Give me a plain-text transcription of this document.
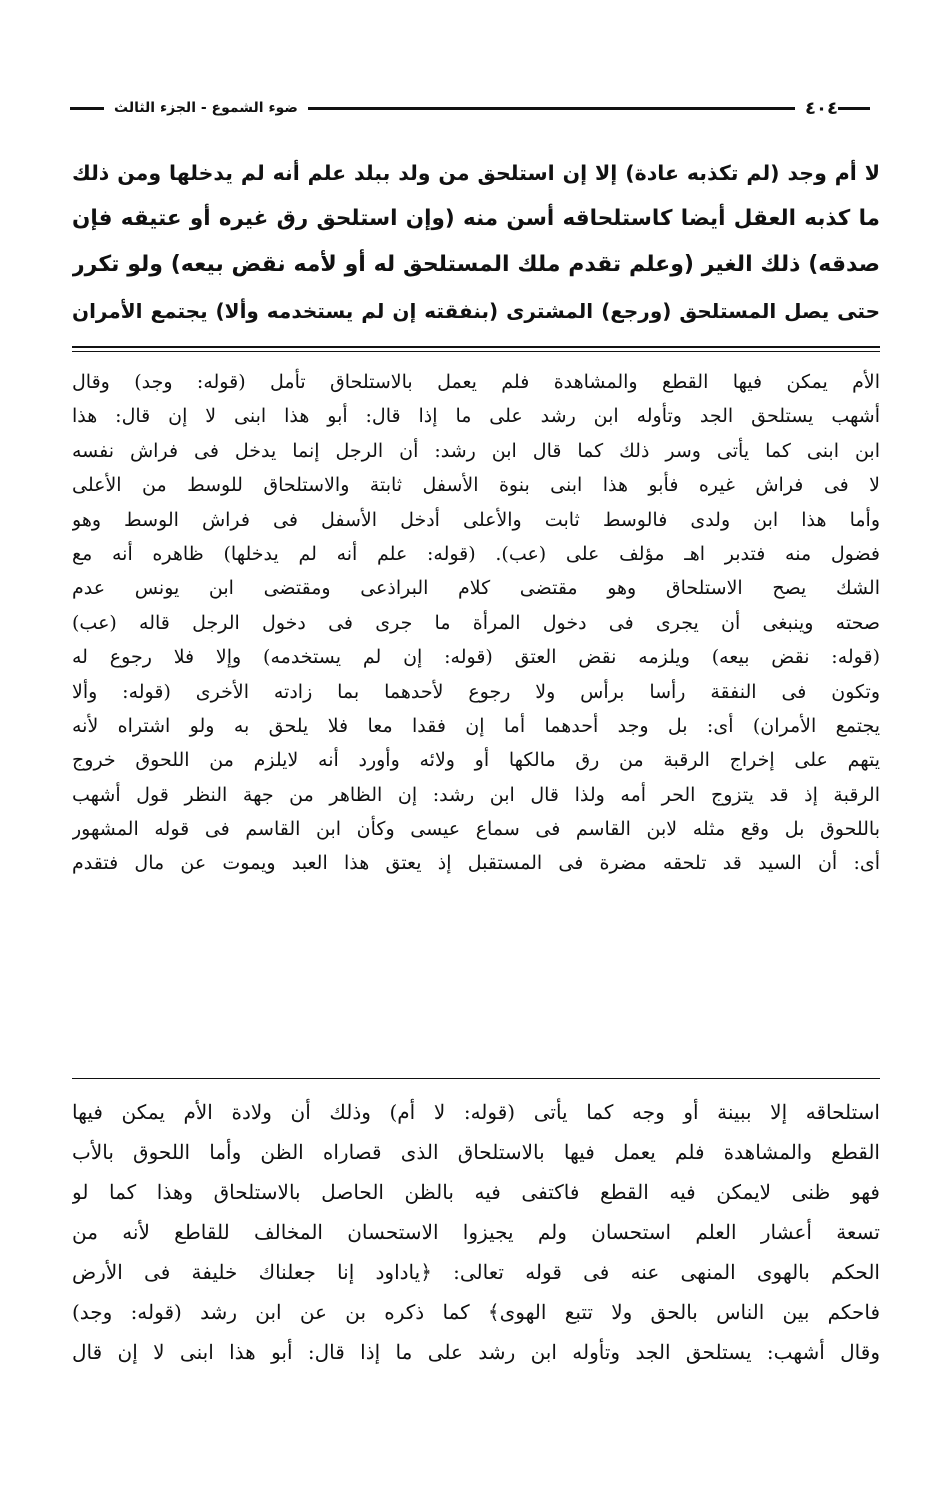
٤٠٤
ضوء الشموع - الجزء الثالث
لا أم وجد (لم تكذبه عادة) إلا إن استلحق من ولد ببلد علم أنه لم يدخلها ومن ذلك
ما كذبه العقل أيضا كاستلحاقه أسن منه (وإن استلحق رق غيره أو عتيقه فإن
صدقه) ذلك الغير (وعلم تقدم ملك المستلحق له أو لأمه نقض بيعه) ولو تكرر
حتى يصل المستلحق (ورجع) المشترى (بنفقته إن لم يستخدمه وألا) يجتمع الأمران
الأم يمكن فيها القطع والمشاهدة فلم يعمل بالاستلحاق تأمل (قوله: وجد) وقال
أشهب يستلحق الجد وتأوله ابن رشد على ما إذا قال: أبو هذا ابنى لا إن قال: هذا
ابن ابنى كما يأتى وسر ذلك كما قال ابن رشد: أن الرجل إنما يدخل فى فراش نفسه
لا فى فراش غيره فأبو هذا ابنى بنوة الأسفل ثابتة والاستلحاق للوسط من الأعلى
وأما هذا ابن ولدى فالوسط ثابت والأعلى أدخل الأسفل فى فراش الوسط وهو
فضول منه فتدبر اهـ مؤلف على (عب). (قوله: علم أنه لم يدخلها) ظاهره أنه مع
الشك يصح الاستلحاق وهو مقتضى كلام البراذعى ومقتضى ابن يونس عدم
صحته وينبغى أن يجرى فى دخول المرأة ما جرى فى دخول الرجل قاله (عب)
(قوله: نقض بيعه) ويلزمه نقض العتق (قوله: إن لم يستخدمه) وإلا فلا رجوع له
وتكون فى النفقة رأسا برأس ولا رجوع لأحدهما بما زادته الأخرى (قوله: وألا
يجتمع الأمران) أى: بل وجد أحدهما أما إن فقدا معا فلا يلحق به ولو اشتراه لأنه
يتهم على إخراج الرقبة من رق مالكها أو ولائه وأورد أنه لايلزم من اللحوق خروج
الرقبة إذ قد يتزوج الحر أمه ولذا قال ابن رشد: إن الظاهر من جهة النظر قول أشهب
باللحوق بل وقع مثله لابن القاسم فى سماع عيسى وكأن ابن القاسم فى قوله المشهور
أى: أن السيد قد تلحقه مضرة فى المستقبل إذ يعتق هذا العبد ويموت عن مال فتقدم
استلحاقه إلا ببينة أو وجه كما يأتى (قوله: لا أم) وذلك أن ولادة الأم يمكن فيها
القطع والمشاهدة فلم يعمل فيها بالاستلحاق الذى قصاراه الظن وأما اللحوق بالأب
فهو ظنى لايمكن فيه القطع فاكتفى فيه بالظن الحاصل بالاستلحاق وهذا كما لو
تسعة أعشار العلم استحسان ولم يجيزوا الاستحسان المخالف للقاطع لأنه من
الحكم بالهوى المنهى عنه فى قوله تعالى: ﴿ياداود إنا جعلناك خليفة فى الأرض
فاحكم بين الناس بالحق ولا تتبع الهوى﴾ كما ذكره بن عن ابن رشد (قوله: وجد)
وقال أشهب: يستلحق الجد وتأوله ابن رشد على ما إذا قال: أبو هذا ابنى لا إن قال
